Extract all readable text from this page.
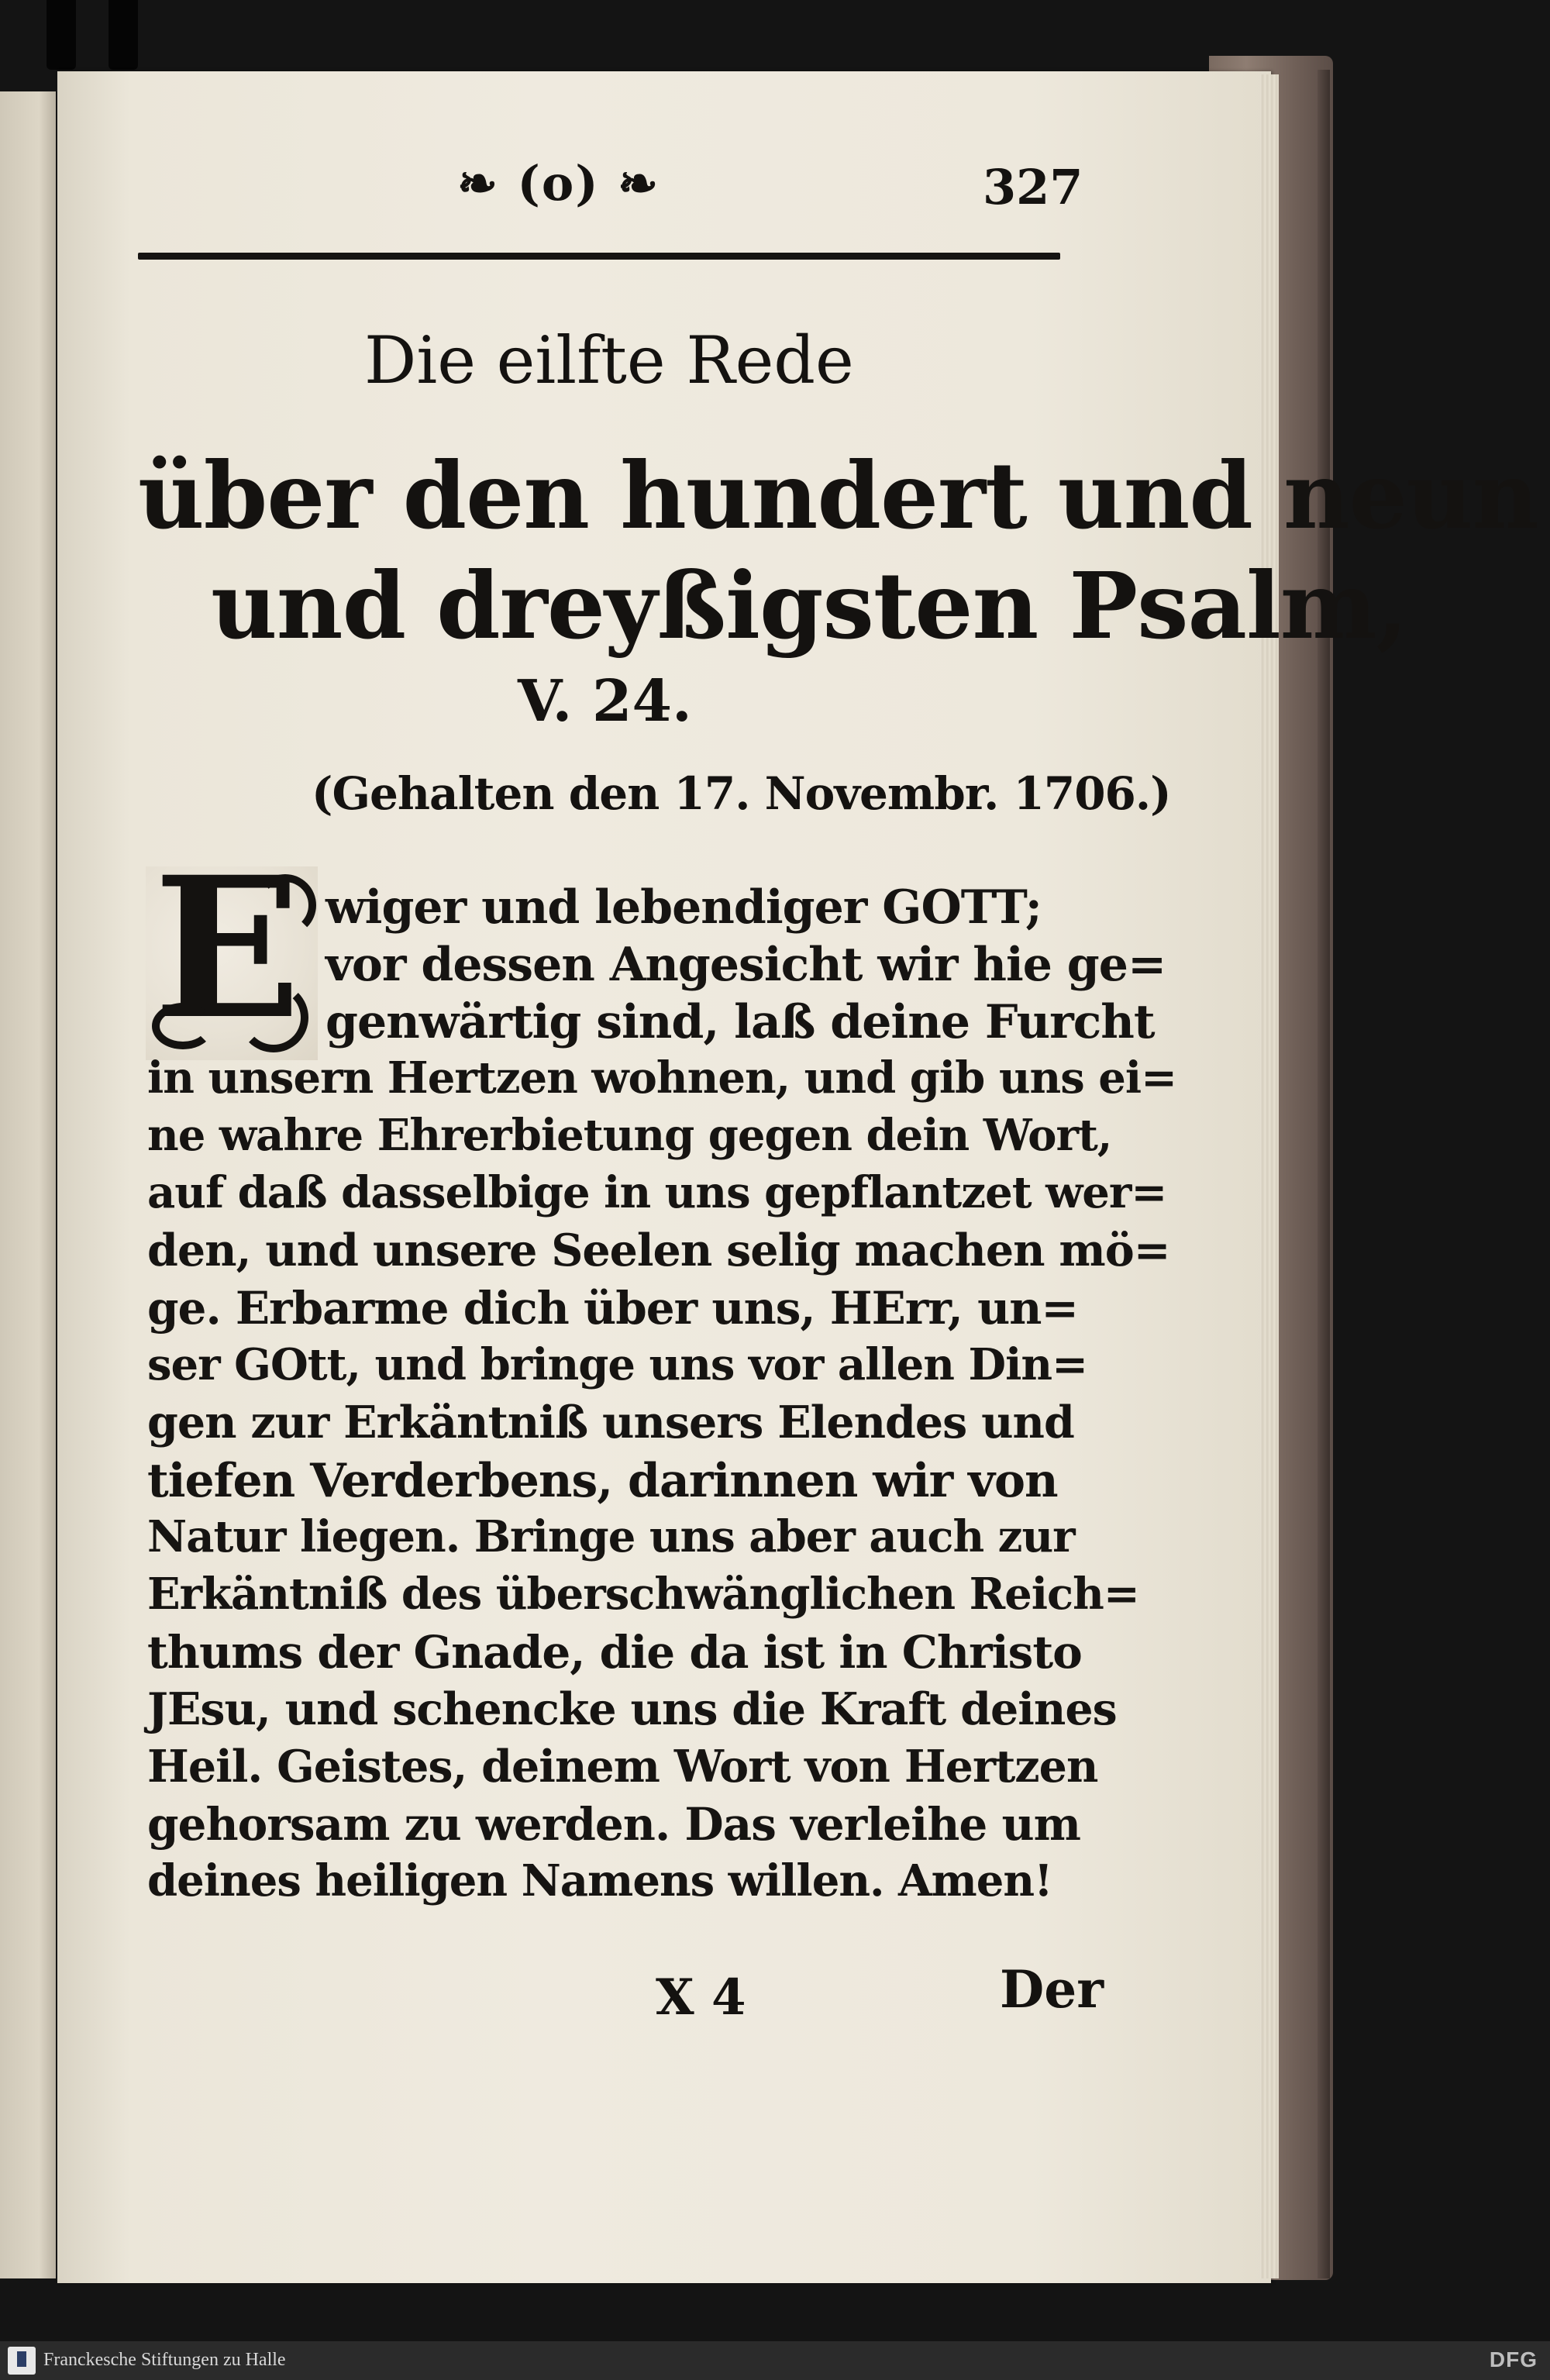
❧ (o) ❧	327

Die eilfte Rede

über den hundert und neun

und dreyßigsten Psalm,

V. 24.

(Gehalten den 17. Novembr. 1706.)

E wiger und lebendiger GOTT;

vor dessen Angesicht wir hie ge=

genwärtig sind, laß deine Furcht

in unsern Hertzen wohnen, und gib uns ei=

ne wahre Ehrerbietung gegen dein Wort,

auf daß dasselbige in uns gepflantzet wer=

den, und unsere Seelen selig machen mö=

ge. Erbarme dich über uns, HErr, un=

ser GOtt, und bringe uns vor allen Din=

gen zur Erkäntniß unsers Elendes und

tiefen Verderbens, darinnen wir von

Natur liegen. Bringe uns aber auch zur

Erkäntniß des überschwänglichen Reich=

thums der Gnade, die da ist in Christo

JEsu, und schencke uns die Kraft deines

Heil. Geistes, deinem Wort von Hertzen

gehorsam zu werden. Das verleihe um

deines heiligen Namens willen. Amen!

X 4	Der
Franckesche Stiftungen zu Halle	DFG
